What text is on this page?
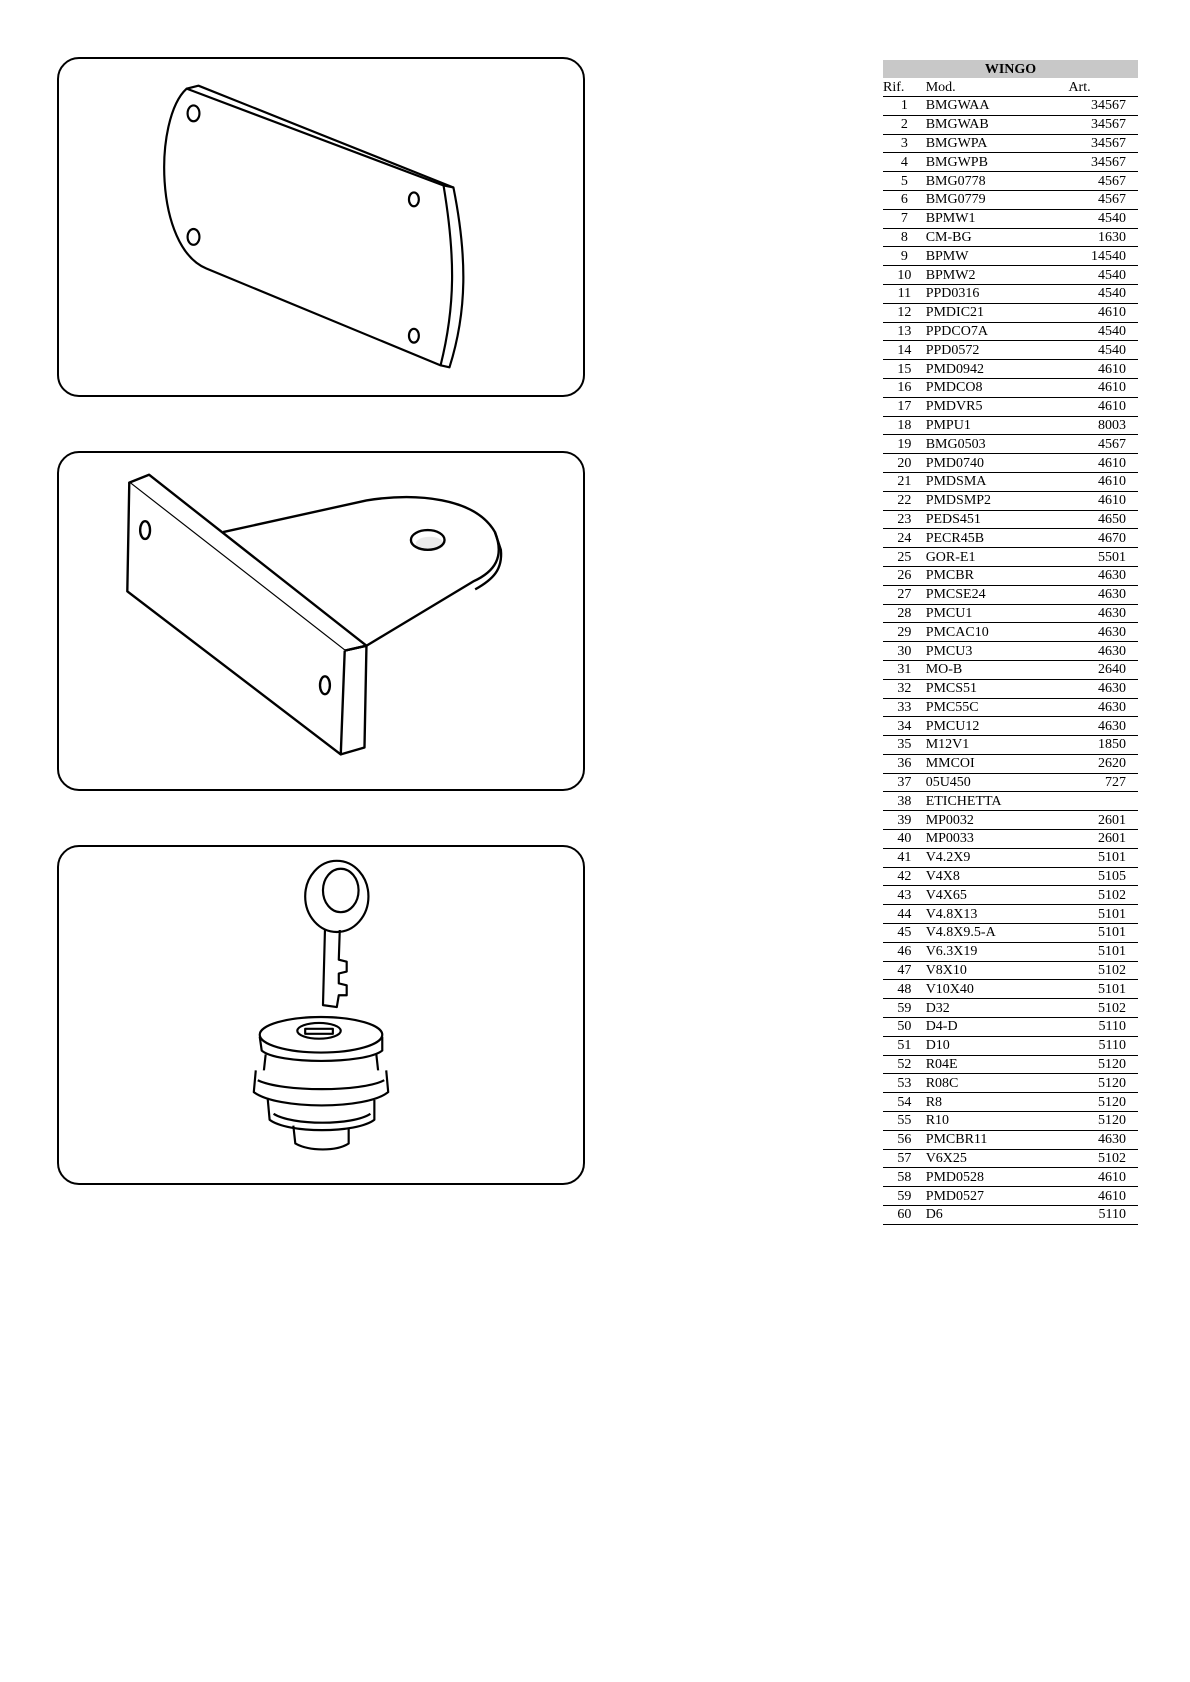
WINGO		
Rif.	Mod.	Art.
1	BMGWAA	34567
2	BMGWAB	34567
3	BMGWPA	34567
4	BMGWPB	34567
5	BMG0778	4567
6	BMG0779	4567
7	BPMW1	4540
8	CM-BG	1630
9	BPMW	14540
10	BPMW2	4540
11	PPD0316	4540
12	PMDIC21	4610
13	PPDCO7A	4540
14	PPD0572	4540
15	PMD0942	4610
16	PMDCO8	4610
17	PMDVR5	4610
18	PMPU1	8003
19	BMG0503	4567
20	PMD0740	4610
21	PMDSMA	4610
22	PMDSMP2	4610
23	PEDS451	4650
24	PECR45B	4670
25	GOR-E1	5501
26	PMCBR	4630
27	PMCSE24	4630
28	PMCU1	4630
29	PMCAC10	4630
30	PMCU3	4630
31	MO-B	2640
32	PMCS51	4630
33	PMC55C	4630
34	PMCU12	4630
35	M12V1	1850
36	MMCOI	2620
37	05U450	727
38	ETICHETTA	
39	MP0032	2601
40	MP0033	2601
41	V4.2X9	5101
42	V4X8	5105
43	V4X65	5102
44	V4.8X13	5101
45	V4.8X9.5-A	5101
46	V6.3X19	5101
47	V8X10	5102
48	V10X40	5101
59	D32	5102
50	D4-D	5110
51	D10	5110
52	R04E	5120
53	R08C	5120
54	R8	5120
55	R10	5120
56	PMCBR11	4630
57	V6X25	5102
58	PMD0528	4610
59	PMD0527	4610
60	D6	5110
